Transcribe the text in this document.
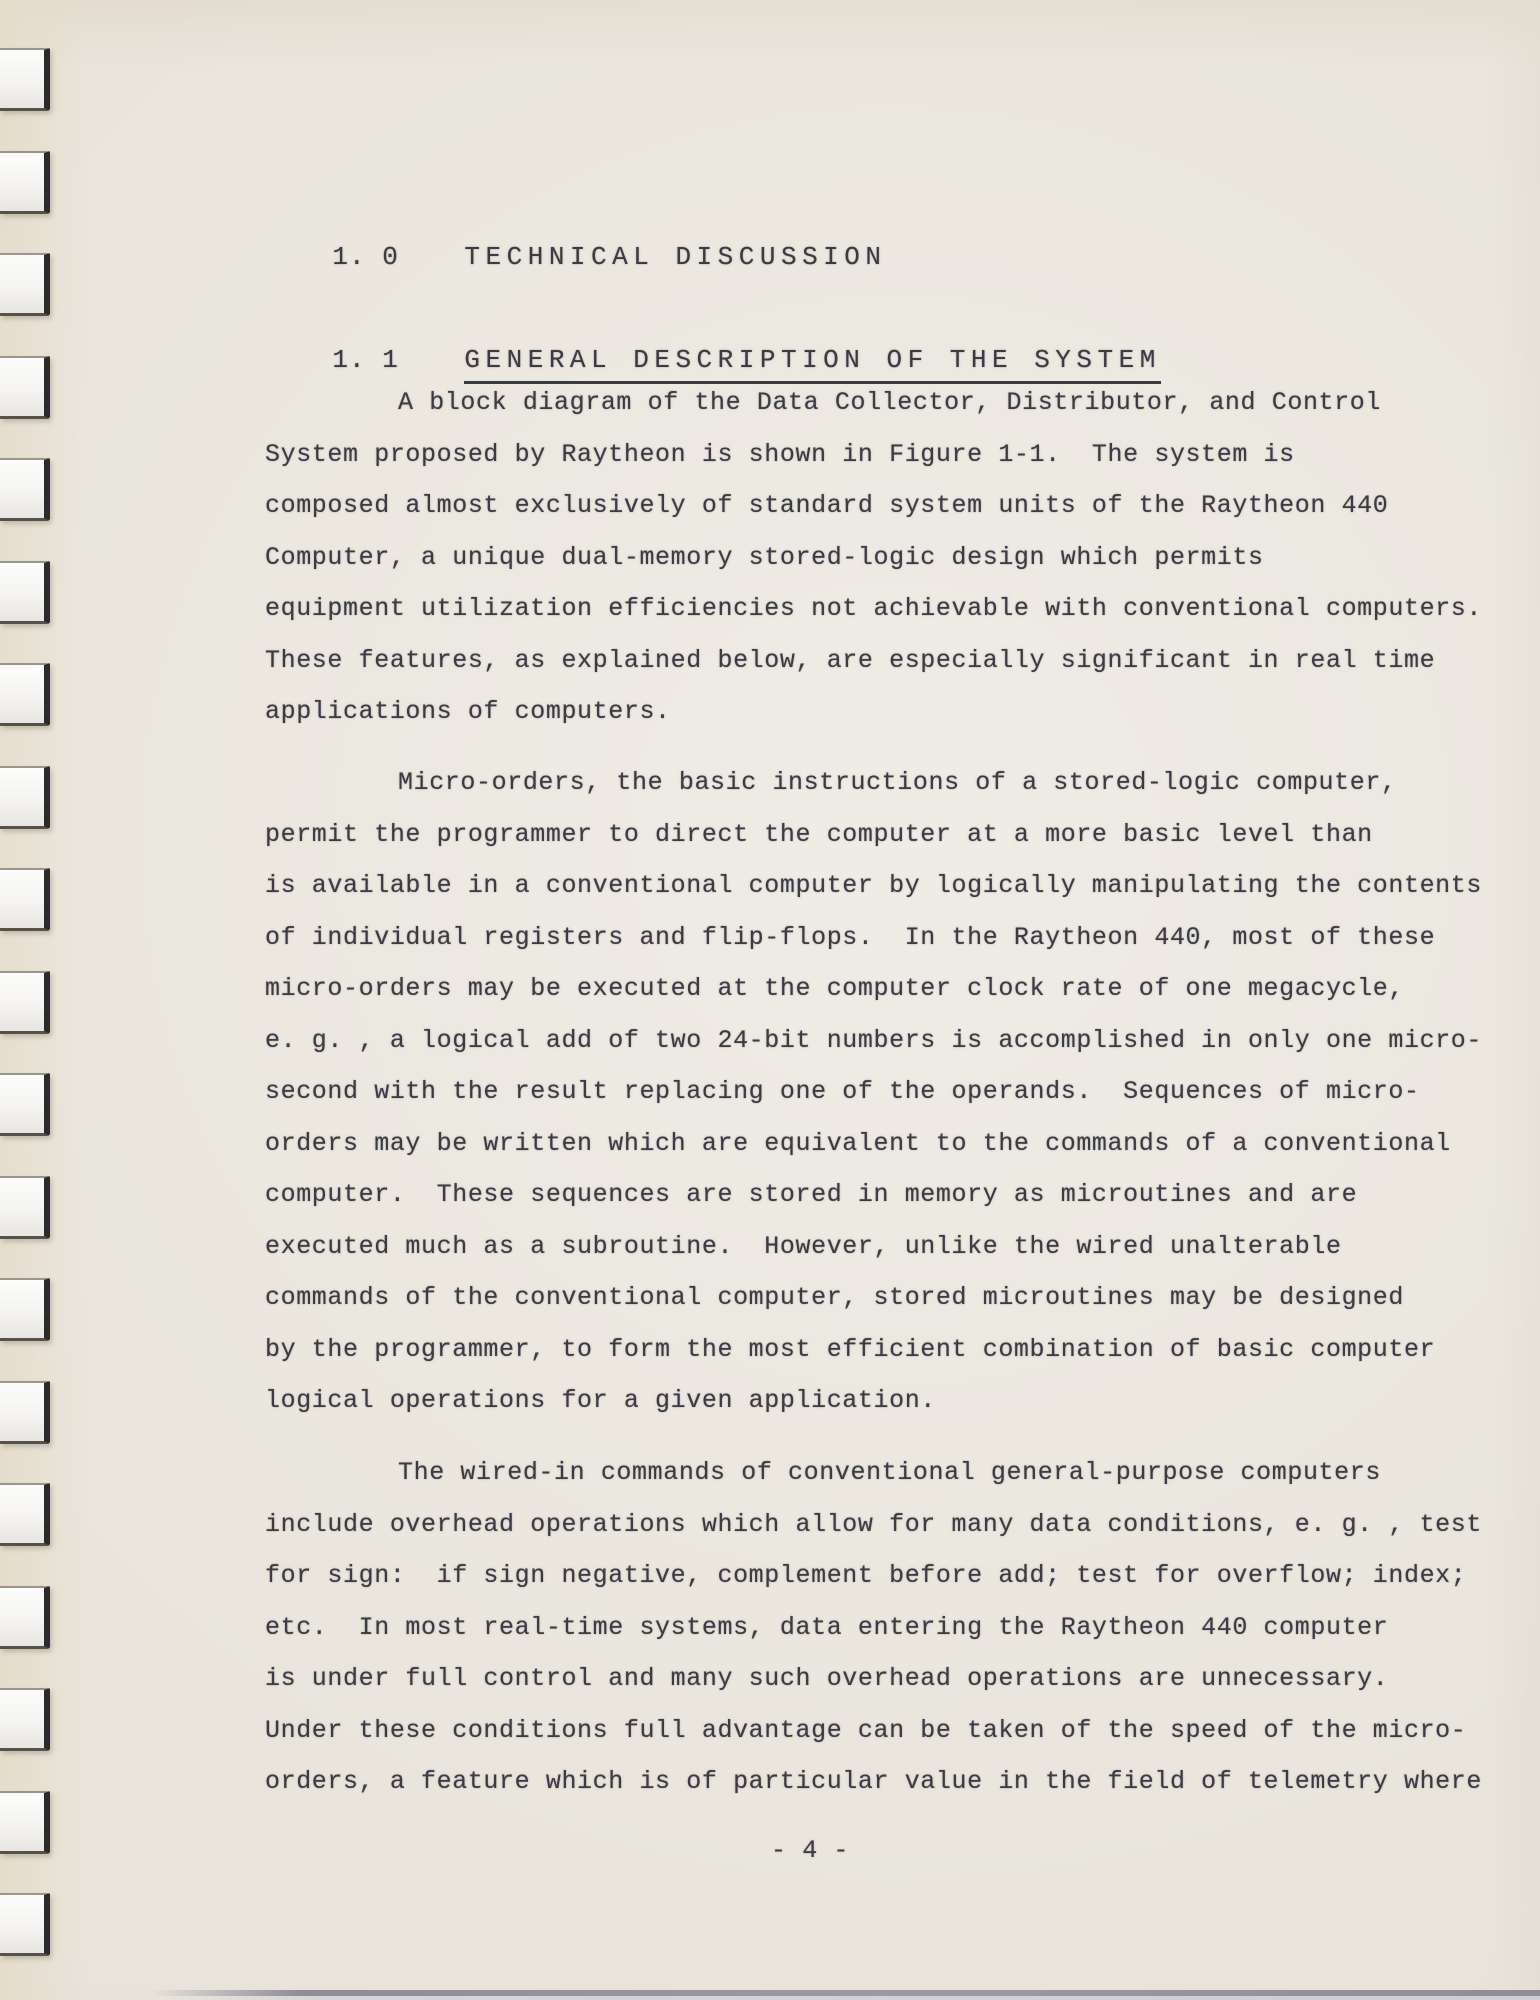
1. 0	TECHNICAL DISCUSSION

1. 1	GENERAL DESCRIPTION OF THE SYSTEM

A block diagram of the Data Collector, Distributor, and Control
System proposed by Raytheon is shown in Figure 1-1.  The system is
composed almost exclusively of standard system units of the Raytheon 440
Computer, a unique dual-memory stored-logic design which permits
equipment utilization efficiencies not achievable with conventional computers.
These features, as explained below, are especially significant in real time
applications of computers.
Micro-orders, the basic instructions of a stored-logic computer,
permit the programmer to direct the computer at a more basic level than
is available in a conventional computer by logically manipulating the contents
of individual registers and flip-flops.  In the Raytheon 440, most of these
micro-orders may be executed at the computer clock rate of one megacycle,
e. g. , a logical add of two 24-bit numbers is accomplished in only one micro-
second with the result replacing one of the operands.  Sequences of micro-
orders may be written which are equivalent to the commands of a conventional
computer.  These sequences are stored in memory as microutines and are
executed much as a subroutine.  However, unlike the wired unalterable
commands of the conventional computer, stored microutines may be designed
by the programmer, to form the most efficient combination of basic computer
logical operations for a given application.
The wired-in commands of conventional general-purpose computers
include overhead operations which allow for many data conditions, e. g. , test
for sign:  if sign negative, complement before add; test for overflow; index;
etc.  In most real-time systems, data entering the Raytheon 440 computer
is under full control and many such overhead operations are unnecessary.
Under these conditions full advantage can be taken of the speed of the micro-
orders, a feature which is of particular value in the field of telemetry where
- 4 -
